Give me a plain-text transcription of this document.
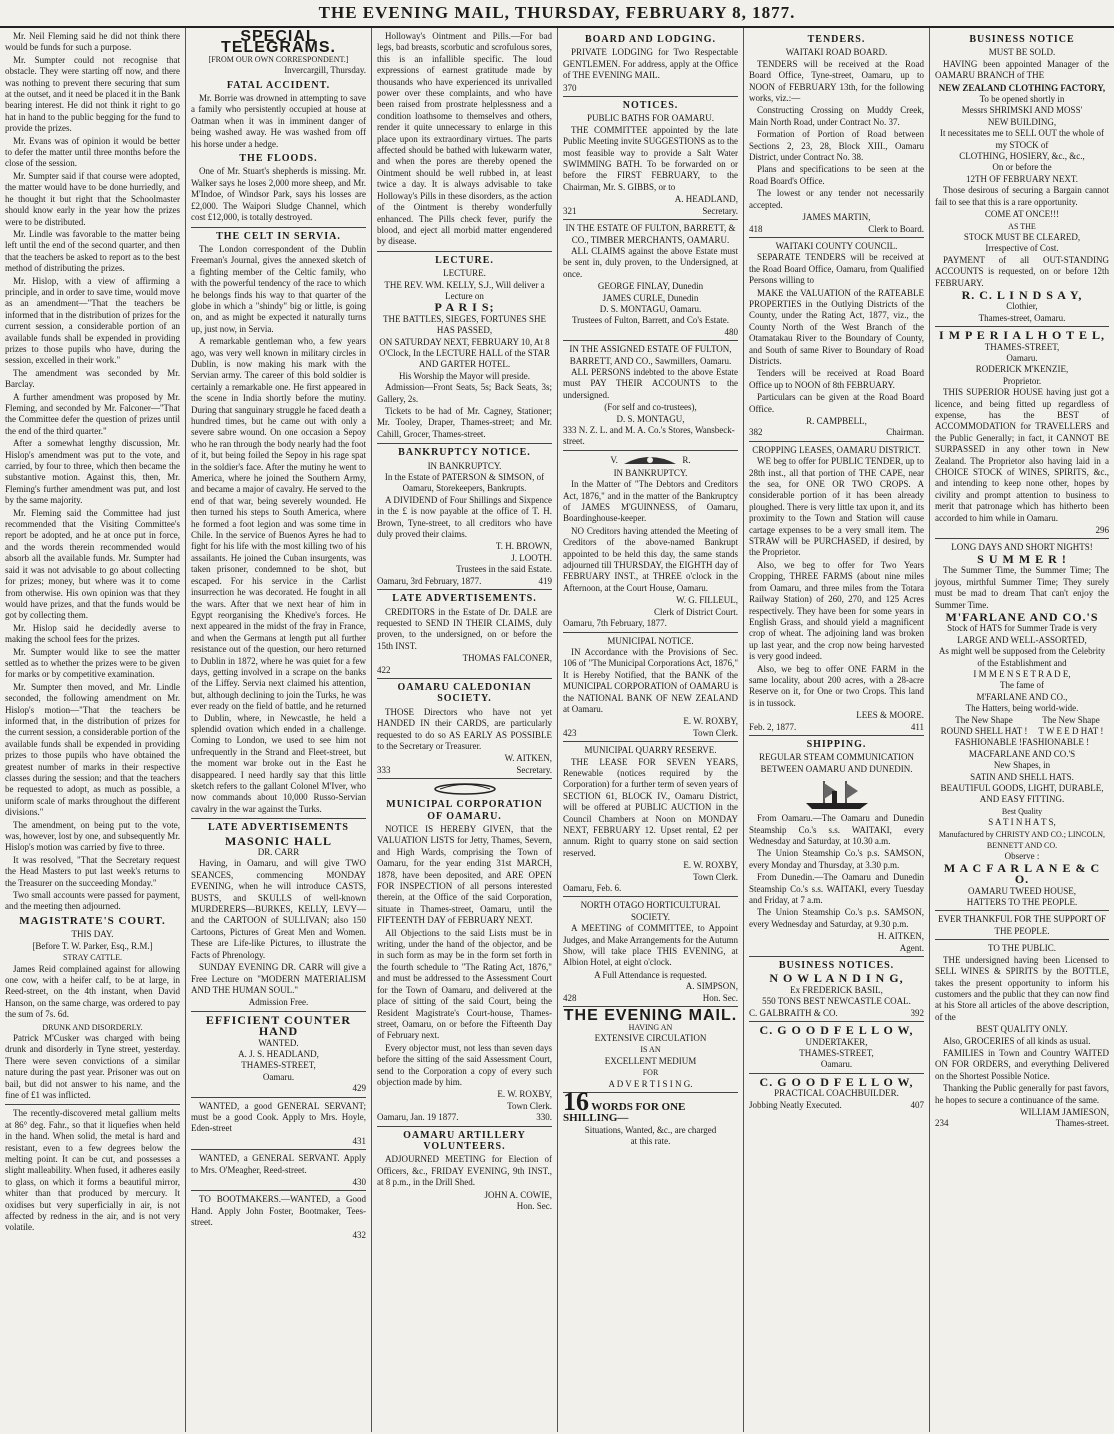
THE EVENING MAIL, THURSDAY, FEBRUARY 8, 1877.

Mr. Neil Fleming said he did not think there would be funds for such a purpose.

Mr. Sumpter could not recognise that obstacle. They were starting off now, and there was nothing to prevent there securing that sum at the outset, and it need be placed it in the Bank bearing interest. He did not think it right to go hat in hand to the public begging for the fund to provide the prizes.

Mr. Evans was of opinion it would be better to defer the matter until three months before the close of the session.

Mr. Sumpter said if that course were adopted, the matter would have to be done hurriedly, and he thought it but right that the Schoolmaster should know early in the year how the prizes were to be distributed.

Mr. Lindle was favorable to the matter being left until the end of the second quarter, and then that the teachers be asked to report as to the best method of distributing the prizes.

Mr. Hislop, with a view of affirming a principle, and in order to save time, would move as an amendment—"That the teachers be informed that in the distribution of prizes for the current session, a considerable portion of an available funds shall be expended in providing prizes to those pupils who have, during the session, excelled in their work."

The amendment was seconded by Mr. Barclay.

A further amendment was proposed by Mr. Fleming, and seconded by Mr. Falconer—"That the Committee defer the question of prizes until the end of the third quarter."

After a somewhat lengthy discussion, Mr. Hislop's amendment was put to the vote, and carried, by four to three, which then became the substantive motion. Against this, then, Mr. Fleming's further amendment was put, and lost by the same majority.

Mr. Fleming said the Committee had just recommended that the Visiting Committee's report be adopted, and he at once put in force, and the words therein recommended would absorb all the available funds. Mr. Sumpter had said it was not advisable to go about collecting for prizes; money, but where was it to come from otherwise. His own opinion was that they would have prizes, and that the funds would be got by collecting them.

Mr. Hislop said he decidedly averse to making the school fees for the prizes.

Mr. Sumpter would like to see the matter settled as to whether the prizes were to be given for marks or by competitive examination.

Mr. Sumpter then moved, and Mr. Lindle seconded, the following amendment on Mr. Hislop's motion—"That the teachers be informed that, in the distribution of prizes for the current session, a considerable portion of the available funds shall be expended in providing prizes to those pupils who have obtained the greatest number of marks in their respective classes during the session; and that the teachers be requested to adopt, as much as possible, a uniform scale of marks throughout the different divisions."

The amendment, on being put to the vote, was, however, lost by one, and subsequently Mr. Hislop's motion was carried by five to three.

It was resolved, "That the Secretary request the Head Masters to put last week's returns to the Treasurer on the succeeding Monday."

Two small accounts were passed for payment, and the meeting then adjourned.

MAGISTRATE'S COURT.
THIS DAY.
[Before T. W. Parker, Esq., R.M.]
STRAY CATTLE.

James Reid complained against for allowing one cow, with a heifer calf, to be at large, in Reed-street, on the 4th instant, when David Hanson, on the same charge, was ordered to pay the sum of 7s. 6d.

DRUNK AND DISORDERLY.

Patrick M'Cusker was charged with being drunk and disorderly in Tyne street, yesterday. There were seven convictions of a similar nature during the past year. Prisoner was out on bail, but did not answer to his name, and the fine of £1 was inflicted.

The recently-discovered metal gallium melts at 86° deg. Fahr., so that it liquefies when held in the hand. When solid, the metal is hard and resistant, even to a few degrees below the melting point. It can be cut, and possesses a slight malleability. When fused, it adheres easily to glass, on which it forms a beautiful mirror, whiter than that produced by mercury. It oxidises but very superficially in air, is not affected by redness in the air, and is not very volatile.

SPECIAL TELEGRAMS.
[FROM OUR OWN CORRESPONDENT.]
Invercargill, Thursday.
FATAL ACCIDENT.

Mr. Borrie was drowned in attempting to save a family who persistently occupied at house at Oatman when it was in imminent danger of being washed away. He was washed from off his horse under a hedge.

THE FLOODS.

One of Mr. Stuart's shepherds is missing. Mr. Walker says he loses 2,000 more sheep, and Mr. M'Indoe, of Windsor Park, says his losses are £2,000. The Waipori Sludge Channel, which cost £12,000, is totally destroyed.

THE CELT IN SERVIA.

The London correspondent of the Dublin Freeman's Journal, gives the annexed sketch of a fighting member of the Celtic family, who with the powerful tendency of the race to which he belongs finds his way to that quarter of the globe in which a "shindy" big or little, is going on, and as might be expected it naturally turns up, just now, in Servia.

A remarkable gentleman who, a few years ago, was very well known in military circles in Dublin, is now making his mark with the Servian army. The career of this bold soldier is certainly a remarkable one. He first appeared in the scene in India shortly before the mutiny. During that sanguinary struggle he faced death a hundred times, but he came out with only a severe sabre wound. On one occasion a Sepoy who he ran through the body nearly had the foot of it, but being foiled the Sepoy in his rage spat in the soldier's face. After the mutiny he went to America, where he joined the Southern Army, and became a major of cavalry. He served to the end of that war, being severely wounded. He then turned his steps to South America, where he formed a foot legion and was some time in Chile. In the service of Buenos Ayres he had to fight for his life with the most killing two of his assailants. He joined the Cuban insurgents, was taken prisoner, condemned to be shot, but escaped. For his service in the Carlist insurrection he was decorated. He fought in all the wars. After that we next hear of him in Egypt reorganising the Khedive's forces. He next appeared in the midst of the fray in France, and when the Germans at length put all further resistance out of the question, our hero returned to Dublin in 1872, where he was quiet for a few days, getting involved in a scrape on the banks of the Liffey. Servia next claimed his attention, but, although declining to join the Turks, he was ever ready on the field of battle, and he returned to Dublin, where, in Newcastle, he held a splendid ovation which ended in a challenge. Coming to London, we used to see him not unfrequently in the Strand and Fleet-street, but the moment war broke out in the East he disappeared. I need hardly say that this little sketch refers to the gallant Colonel M'Iver, who now commands about 10,000 Russo-Servian cavalry in the war against the Turks.

LATE ADVERTISEMENTS
MASONIC HALL
DR. CARR

Having, in Oamaru, and will give TWO SEANCES, commencing MONDAY EVENING, when he will introduce CASTS, BUSTS, and SKULLS of well-known MURDERERS—BURKES, KELLY, LEVY—and the CARTOON of SULLIVAN; also 150 Cartoons, Pictures of Great Men and Women. These are Life-like Pictures, to illustrate the Facts of Phrenology.

SUNDAY EVENING DR. CARR will give a Free Lecture on "MODERN MATERIALISM AND THE HUMAN SOUL."

Admission Free.
EFFICIENT COUNTER HAND
WANTED.
A. J. S. HEADLAND,
THAMES-STREET,
Oamaru.
429

WANTED, a good GENERAL SERVANT; must be a good Cook. Apply to Mrs. Hoyle, Eden-street

431

WANTED, a GENERAL SERVANT. Apply to Mrs. O'Meagher, Reed-street.

430

TO BOOTMAKERS.—WANTED, a Good Hand. Apply John Foster, Bootmaker, Tees-street.

432

Holloway's Ointment and Pills.—For bad legs, bad breasts, scorbutic and scrofulous sores, this is an infallible specific. The loud expressions of earnest gratitude made by thousands who have experienced its unrivalled power over these complaints, and who have been raised from prostrate helplessness and a condition loathsome to themselves and others, render it quite unnecessary to enlarge in this place upon its extraordinary virtues. The parts affected should be bathed with lukewarm water, and when the pores are thereby opened the Ointment should be well rubbed in, at least twice a day. It is always advisable to take Holloway's Pills in these disorders, as the action of the Ointment is thereby wonderfully enhanced. The Pills check fever, purify the blood, and eject all morbid matter engendered by disease.

LECTURE.
LECTURE.
THE REV. WM. KELLY, S.J., Will deliver a Lecture on
P A R I S;
THE BATTLES, SIEGES, FORTUNES SHE HAS PASSED,
ON SATURDAY NEXT, FEBRUARY 10, At 8 O'Clock, In the LECTURE HALL of the STAR AND GARTER HOTEL.
His Worship the Mayor will preside.

Admission—Front Seats, 5s; Back Seats, 3s; Gallery, 2s.

Tickets to be had of Mr. Cagney, Stationer; Mr. Tooley, Draper, Thames-street; and Mr. Cahill, Grocer, Thames-street.

BANKRUPTCY NOTICE.
IN BANKRUPTCY.
In the Estate of PATERSON & SIMSON, of Oamaru, Storekeepers, Bankrupts.

A DIVIDEND of Four Shillings and Sixpence in the £ is now payable at the office of T. H. Brown, Tyne-street, to all creditors who have duly proved their claims.

T. H. BROWN,
J. LOOTH.
Trustees in the said Estate.
Oamaru, 3rd February, 1877.	419
LATE ADVERTISEMENTS.

CREDITORS in the Estate of Dr. DALE are requested to SEND IN THEIR CLAIMS, duly proven, to the undersigned, on or before the 15th INST.

THOMAS FALCONER,
422
OAMARU CALEDONIAN SOCIETY.

THOSE Directors who have not yet HANDED IN their CARDS, are particularly requested to do so AS EARLY AS POSSIBLE to the Secretary or Treasurer.

W. AITKEN,
333	Secretary.
MUNICIPAL CORPORATION OF OAMARU.

NOTICE IS HEREBY GIVEN, that the VALUATION LISTS for Jetty, Thames, Severn, and High Wards, comprising the Town of Oamaru, for the year ending 31st MARCH, 1878, have been deposited, and ARE OPEN FOR INSPECTION of all persons interested therein, at the Office of the said Corporation, situate in Thames-street, Oamaru, until the FIFTEENTH DAY of FEBRUARY NEXT.

All Objections to the said Lists must be in writing, under the hand of the objector, and be in such form as may be in the form set forth in the fourth schedule to "The Rating Act, 1876," and must be addressed to the Assessment Court for the Town of Oamaru, and delivered at the place of sitting of the said Court, being the Resident Magistrate's Court-house, Thames-street, Oamaru, on or before the Fifteenth Day of February next.

Every objector must, not less than seven days before the sitting of the said Assessment Court, send to the Corporation a copy of every such objection made by him.

E. W. ROXBY,
Town Clerk.
Oamaru, Jan. 19 1877.	330.
OAMARU ARTILLERY VOLUNTEERS.

ADJOURNED MEETING for Election of Officers, &c., FRIDAY EVENING, 9th INST., at 8 p.m., in the Drill Shed.

JOHN A. COWIE,
Hon. Sec.
BOARD AND LODGING.

PRIVATE LODGING for Two Respectable GENTLEMEN. For address, apply at the Office of THE EVENING MAIL.

370
NOTICES.
PUBLIC BATHS FOR OAMARU.

THE COMMITTEE appointed by the late Public Meeting invite SUGGESTIONS as to the most feasible way to provide a Salt Water SWIMMING BATH. To be forwarded on or before the FIRST FEBRUARY, to the Chairman, Mr. S. GIBBS, or to

A. HEADLAND,
321	Secretary.
IN THE ESTATE OF FULTON, BARRETT, & CO., TIMBER MERCHANTS, OAMARU.

ALL CLAIMS against the above Estate must be sent in, duly proven, to the Undersigned, at once.

GEORGE FINLAY, Dunedin
JAMES CURLE, Dunedin
D. S. MONTAGU, Oamaru.
Trustees of Fulton, Barrett, and Co's Estate.
480
IN THE ASSIGNED ESTATE OF FULTON, BARRETT, AND CO., Sawmillers, Oamaru.

ALL PERSONS indebted to the above Estate must PAY THEIR ACCOUNTS to the undersigned.

(For self and co-trustees),
D. S. MONTAGU,
333 N. Z. L. and M. A. Co.'s Stores, Wansbeck-street.
V.	R.
IN BANKRUPTCY.

In the Matter of "The Debtors and Creditors Act, 1876," and in the matter of the Bankruptcy of JAMES M'GUINNESS, of Oamaru, Boardinghouse-keeper.

NO Creditors having attended the Meeting of Creditors of the above-named Bankrupt appointed to be held this day, the same stands adjourned till THURSDAY, the EIGHTH day of FEBRUARY INST., at THREE o'clock in the Afternoon, at the Court House, Oamaru.

W. G. FILLEUL,
Clerk of District Court.
Oamaru, 7th February, 1877.
MUNICIPAL NOTICE.

IN Accordance with the Provisions of Sec. 106 of "The Municipal Corporations Act, 1876," It is Hereby Notified, that the BANK of the MUNICIPAL CORPORATION of OAMARU is the NATIONAL BANK OF NEW ZEALAND at Oamaru.

E. W. ROXBY,
423	Town Clerk.
MUNICIPAL QUARRY RESERVE.

THE LEASE FOR SEVEN YEARS, Renewable (notices required by the Corporation) for a further term of seven years of SECTION 61, BLOCK IV., Oamaru District, will be offered at PUBLIC AUCTION in the Council Chambers at Noon on MONDAY NEXT, FEBRUARY 12. Upset rental, £2 per annum. Right to quarry stone on said section reserved.

E. W. ROXBY,
Town Clerk.
Oamaru, Feb. 6.
NORTH OTAGO HORTICULTURAL SOCIETY.

A MEETING of COMMITTEE, to Appoint Judges, and Make Arrangements for the Autumn Show, will take place THIS EVENING, at Albion Hotel, at eight o'clock.

A Full Attendance is requested.
A. SIMPSON,
428	Hon. Sec.
THE EVENING MAIL.
HAVING AN
EXTENSIVE CIRCULATION
IS AN
EXCELLENT MEDIUM
FOR
A D V E R T I S I N G.
16 WORDS FOR ONE SHILLING—
Situations, Wanted, &c., are charged
at this rate.
TENDERS.
WAITAKI ROAD BOARD.

TENDERS will be received at the Road Board Office, Tyne-street, Oamaru, up to NOON of FEBRUARY 13th, for the following works, viz.:—

Constructing Crossing on Muddy Creek, Main North Road, under Contract No. 37.

Formation of Portion of Road between Sections 2, 23, 28, Block XIII., Oamaru District, under Contract No. 38.

Plans and specifications to be seen at the Road Board's Office.

The lowest or any tender not necessarily accepted.

JAMES MARTIN,
418	Clerk to Board.
WAITAKI COUNTY COUNCIL.

SEPARATE TENDERS will be received at the Road Board Office, Oamaru, from Qualified Persons willing to

MAKE the VALUATION of the RATEABLE PROPERTIES in the Outlying Districts of the County, under the Rating Act, 1877, viz., the County North of the West Branch of the Otamatakau River to the Boundary of County, and South of same River to Boundary of Road Districts.

Tenders will be received at Road Board Office up to NOON of 8th FEBRUARY.

Particulars can be given at the Road Board Office.

R. CAMPBELL,
382	Chairman.
CROPPING LEASES, OAMARU DISTRICT.

WE beg to offer for PUBLIC TENDER, up to 28th inst., all that portion of THE CAPE, near the sea, for ONE OR TWO CROPS. A considerable portion of it has been already ploughed. There is very little tax upon it, and its proximity to the Town and Station will cause cartage expenses to be a very small item. The STRAW will be PURCHASED, if desired, by the Proprietor.

Also, we beg to offer for Two Years Cropping, THREE FARMS (about nine miles from Oamaru, and three miles from the Totara Railway Station) of 260, 270, and 125 Acres respectively. They have been for some years in English Grass, and should yield a magnificent crop of wheat. The adjoining land was broken up last year, and the crop now being harvested is very good indeed.

Also, we beg to offer ONE FARM in the same locality, about 200 acres, with a 28-acre Reserve on it, for One or two Crops. This land is in tussock.

LEES & MOORE.
Feb. 2, 1877.	411
SHIPPING.
REGULAR STEAM COMMUNICATION BETWEEN OAMARU AND DUNEDIN.

From Oamaru.—The Oamaru and Dunedin Steamship Co.'s s.s. WAITAKI, every Wednesday and Saturday, at 10.30 a.m.

The Union Steamship Co.'s p.s. SAMSON, every Monday and Thursday, at 3.30 p.m.

From Dunedin.—The Oamaru and Dunedin Steamship Co.'s s.s. WAITAKI, every Tuesday and Friday, at 7 a.m.

The Union Steamship Co.'s p.s. SAMSON, every Wednesday and Saturday, at 9.30 p.m.

H. AITKEN,
Agent.
BUSINESS NOTICES.
N O W L A N D I N G,
Ex FREDERICK BASIL,
550 TONS BEST NEWCASTLE COAL.
C. GALBRAITH & CO.	392
C. G O O D F E L L O W,
UNDERTAKER,
THAMES-STREET,
Oamaru.
C. G O O D F E L L O W,
PRACTICAL COACHBUILDER.
Jobbing Neatly Executed.	407
BUSINESS NOTICE
MUST BE SOLD.

HAVING been appointed Manager of the OAMARU BRANCH of THE

NEW ZEALAND CLOTHING FACTORY,
To be opened shortly in
Messrs SHRIMSKI AND MOSS'
NEW BUILDING,
It necessitates me to SELL OUT the whole of my STOCK of
CLOTHING, HOSIERY, &c., &c.,
On or before the
12TH OF FEBRUARY NEXT.

Those desirous of securing a Bargain cannot fail to see that this is a rare opportunity.

COME AT ONCE!!!
AS THE
STOCK MUST BE CLEARED,
Irrespective of Cost.

PAYMENT of all OUT-STANDING ACCOUNTS is requested, on or before 12th FEBRUARY.

R. C. L I N D S A Y,
Clothier,
Thames-street, Oamaru.
I M P E R I A L H O T E L,
THAMES-STREET,
Oamaru.
RODERICK M'KENZIE,
Proprietor.

THIS SUPERIOR HOUSE having just got a licence, and being fitted up regardless of expense, has the BEST of ACCOMMODATION for TRAVELLERS and the Public Generally; in fact, it CANNOT BE SURPASSED in any other town in New Zealand. The Proprietor also having laid in a CHOICE STOCK of WINES, SPIRITS, &c., and intending to keep none other, hopes by civility and prompt attention to business to merit that patronage which has hitherto been accorded to him while in Oamaru.

296
LONG DAYS AND SHORT NIGHTS!
S U M M E R !

The Summer Time, the Summer Time; The joyous, mirthful Summer Time; They surely must be mad to dream That can't enjoy the Summer Time.

M'FARLANE AND CO.'S
Stock of HATS for Summer Trade is very
LARGE AND WELL-ASSORTED,
As might well be supposed from the Celebrity of the Establishment and
I M M E N S E T R A D E,
The fame of
M'FARLANE AND CO.,
The Hatters, being world-wide.
The New Shape
ROUND SHELL HAT !
The New Shape
T W E E D HAT !
FASHIONABLE !FASHIONABLE !
MACFARLANE AND CO.'S
New Shapes, in
SATIN AND SHELL HATS.
BEAUTIFUL GOODS, LIGHT, DURABLE, AND EASY FITTING.
Best Quality
S A T I N H A T S,
Manufactured by CHRISTY AND CO.; LINCOLN, BENNETT AND CO.
Observe :
M A C F A R L A N E & C O.
OAMARU TWEED HOUSE,
HATTERS TO THE PEOPLE.
EVER THANKFUL FOR THE SUPPORT OF THE PEOPLE.
TO THE PUBLIC.

THE undersigned having been Licensed to SELL WINES & SPIRITS by the BOTTLE, takes the present opportunity to inform his customers and the public that they can now find at his Store all articles of the above description, of the

BEST QUALITY ONLY.

Also, GROCERIES of all kinds as usual.

FAMILIES in Town and Country WAITED ON FOR ORDERS, and everything Delivered on the Shortest Possible Notice.

Thanking the Public generally for past favors, he hopes to secure a continuance of the same.

WILLIAM JAMIESON,
234	Thames-street.
